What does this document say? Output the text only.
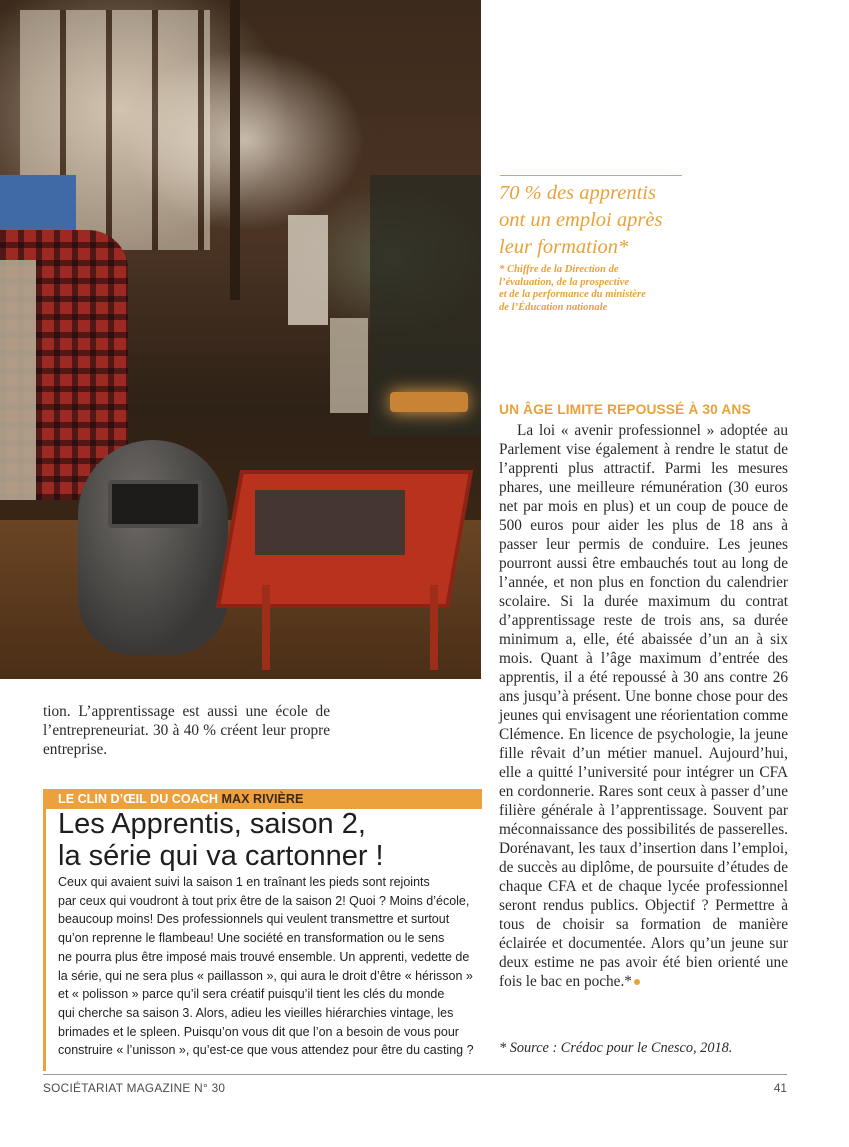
70 % des apprentis
ont un emploi après
leur formation*
* Chiffre de la Direction de
l’évaluation, de la prospective
et de la performance du ministère
de l’Éducation nationale
UN ÂGE LIMITE REPOUSSÉ À 30 ANS

La loi « avenir professionnel » adoptée au Parlement vise également à rendre le statut de l’apprenti plus attractif. Parmi les mesures phares, une meilleure rémunération (30 euros net par mois en plus) et un coup de pouce de 500 euros pour aider les plus de 18 ans à passer leur permis de conduire. Les jeunes pourront aussi être embauchés tout au long de l’année, et non plus en fonction du calendrier scolaire. Si la durée maximum du contrat d’apprentissage reste de trois ans, sa durée minimum a, elle, été abaissée d’un an à six mois. Quant à l’âge maximum d’entrée des apprentis, il a été repoussé à 30 ans contre 26 ans jusqu’à présent. Une bonne chose pour des jeunes qui envisagent une réorientation comme Clémence. En licence de psychologie, la jeune fille rêvait d’un métier manuel. Aujourd’hui, elle a quitté l’université pour intégrer un CFA en cordonnerie. Rares sont ceux à passer d’une filière générale à l’apprentissage. Souvent par méconnaissance des possibilités de passerelles. Dorénavant, les taux d’insertion dans l’emploi, de succès au diplôme, de poursuite d’études de chaque CFA et de chaque lycée professionnel seront rendus publics. Objectif ? Permettre à tous de choisir sa formation de manière éclairée et documentée. Alors qu’un jeune sur deux estime ne pas avoir été bien orienté une fois le bac en poche.*

* Source : Crédoc pour le Cnesco, 2018.

tion. L’apprentissage est aussi une école de l’entrepreneuriat. 30 à 40 % créent leur propre entreprise.

LE CLIN D’ŒIL DU COACH MAX RIVIÈRE
Les Apprentis, saison 2,
la série qui va cartonner !
Ceux qui avaient suivi la saison 1 en traînant les pieds sont rejoints
par ceux qui voudront à tout prix être de la saison 2! Quoi ? Moins d’école,
beaucoup moins! Des professionnels qui veulent transmettre et surtout
qu’on reprenne le flambeau! Une société en transformation ou le sens
ne pourra plus être imposé mais trouvé ensemble. Un apprenti, vedette de
la série, qui ne sera plus « paillasson », qui aura le droit d’être « hérisson »
et « polisson » parce qu’il sera créatif puisqu’il tient les clés du monde
qui cherche sa saison 3. Alors, adieu les vieilles hiérarchies vintage, les
brimades et le spleen. Puisqu’on vous dit que l’on a besoin de vous pour
construire « l’unisson », qu’est-ce que vous attendez pour être du casting ?
SOCIÉTARIAT MAGAZINE N° 30	41
